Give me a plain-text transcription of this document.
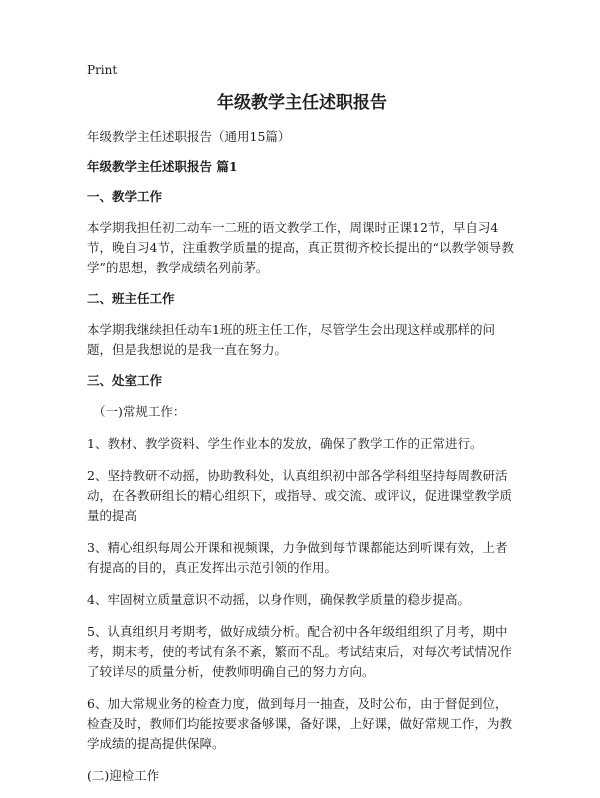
Print
年级教学主任述职报告
年级教学主任述职报告（通用15篇）
年级教学主任述职报告 篇1
一、教学工作
本学期我担任初二动车一二班的语文教学工作，周课时正课12节，早自习4节，晚自习4节，注重教学质量的提高，真正贯彻齐校长提出的“以教学领导教学”的思想，教学成绩名列前茅。
二、班主任工作
本学期我继续担任动车1班的班主任工作，尽管学生会出现这样或那样的问题，但是我想说的是我一直在努力。
三、处室工作
（一)常规工作：
1、教材、教学资料、学生作业本的发放，确保了教学工作的正常进行。
2、坚持教研不动摇，协助教科处，认真组织初中部各学科组坚持每周教研活动，在各教研组长的精心组织下，或指导、或交流、或评议，促进课堂教学质量的提高
3、精心组织每周公开课和视频课，力争做到每节课都能达到听课有效，上者有提高的目的，真正发挥出示范引领的作用。
4、牢固树立质量意识不动摇，以身作则，确保教学质量的稳步提高。
5、认真组织月考期考，做好成绩分析。配合初中各年级组组织了月考，期中考，期末考，使的考试有条不紊，繁而不乱。考试结束后，对每次考试情况作了较详尽的质量分析，使教师明确自己的努力方向。
6、加大常规业务的检查力度，做到每月一抽查，及时公布，由于督促到位，检查及时，教师们均能按要求备够课，备好课，上好课，做好常规工作，为教学成绩的提高提供保障。
(二)迎检工作
